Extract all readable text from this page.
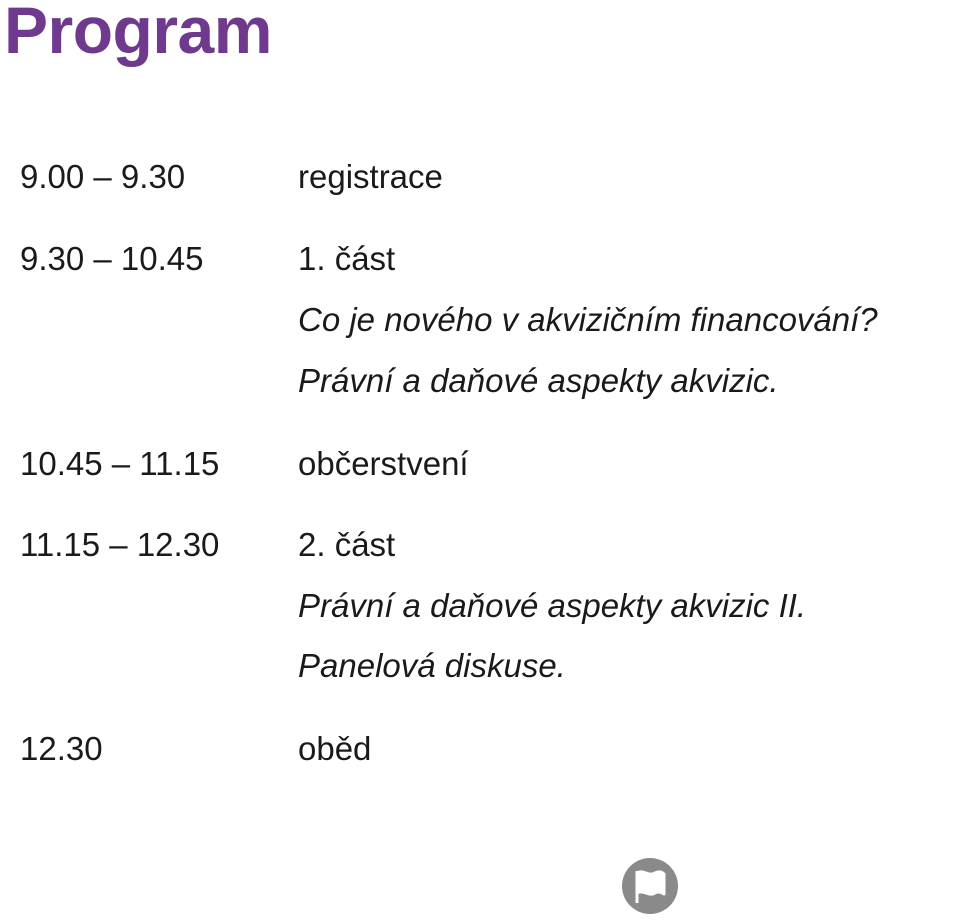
Program
9.00 – 9.30	registrace
9.30 – 10.45	1. část
Co je nového v akvizičním financování?
Právní a daňové aspekty akvizic.
10.45 – 11.15 občerstvení
11.15 – 12.30 2. část
Právní a daňové aspekty akvizic II.
Panelová diskuse.
12.30	oběd
